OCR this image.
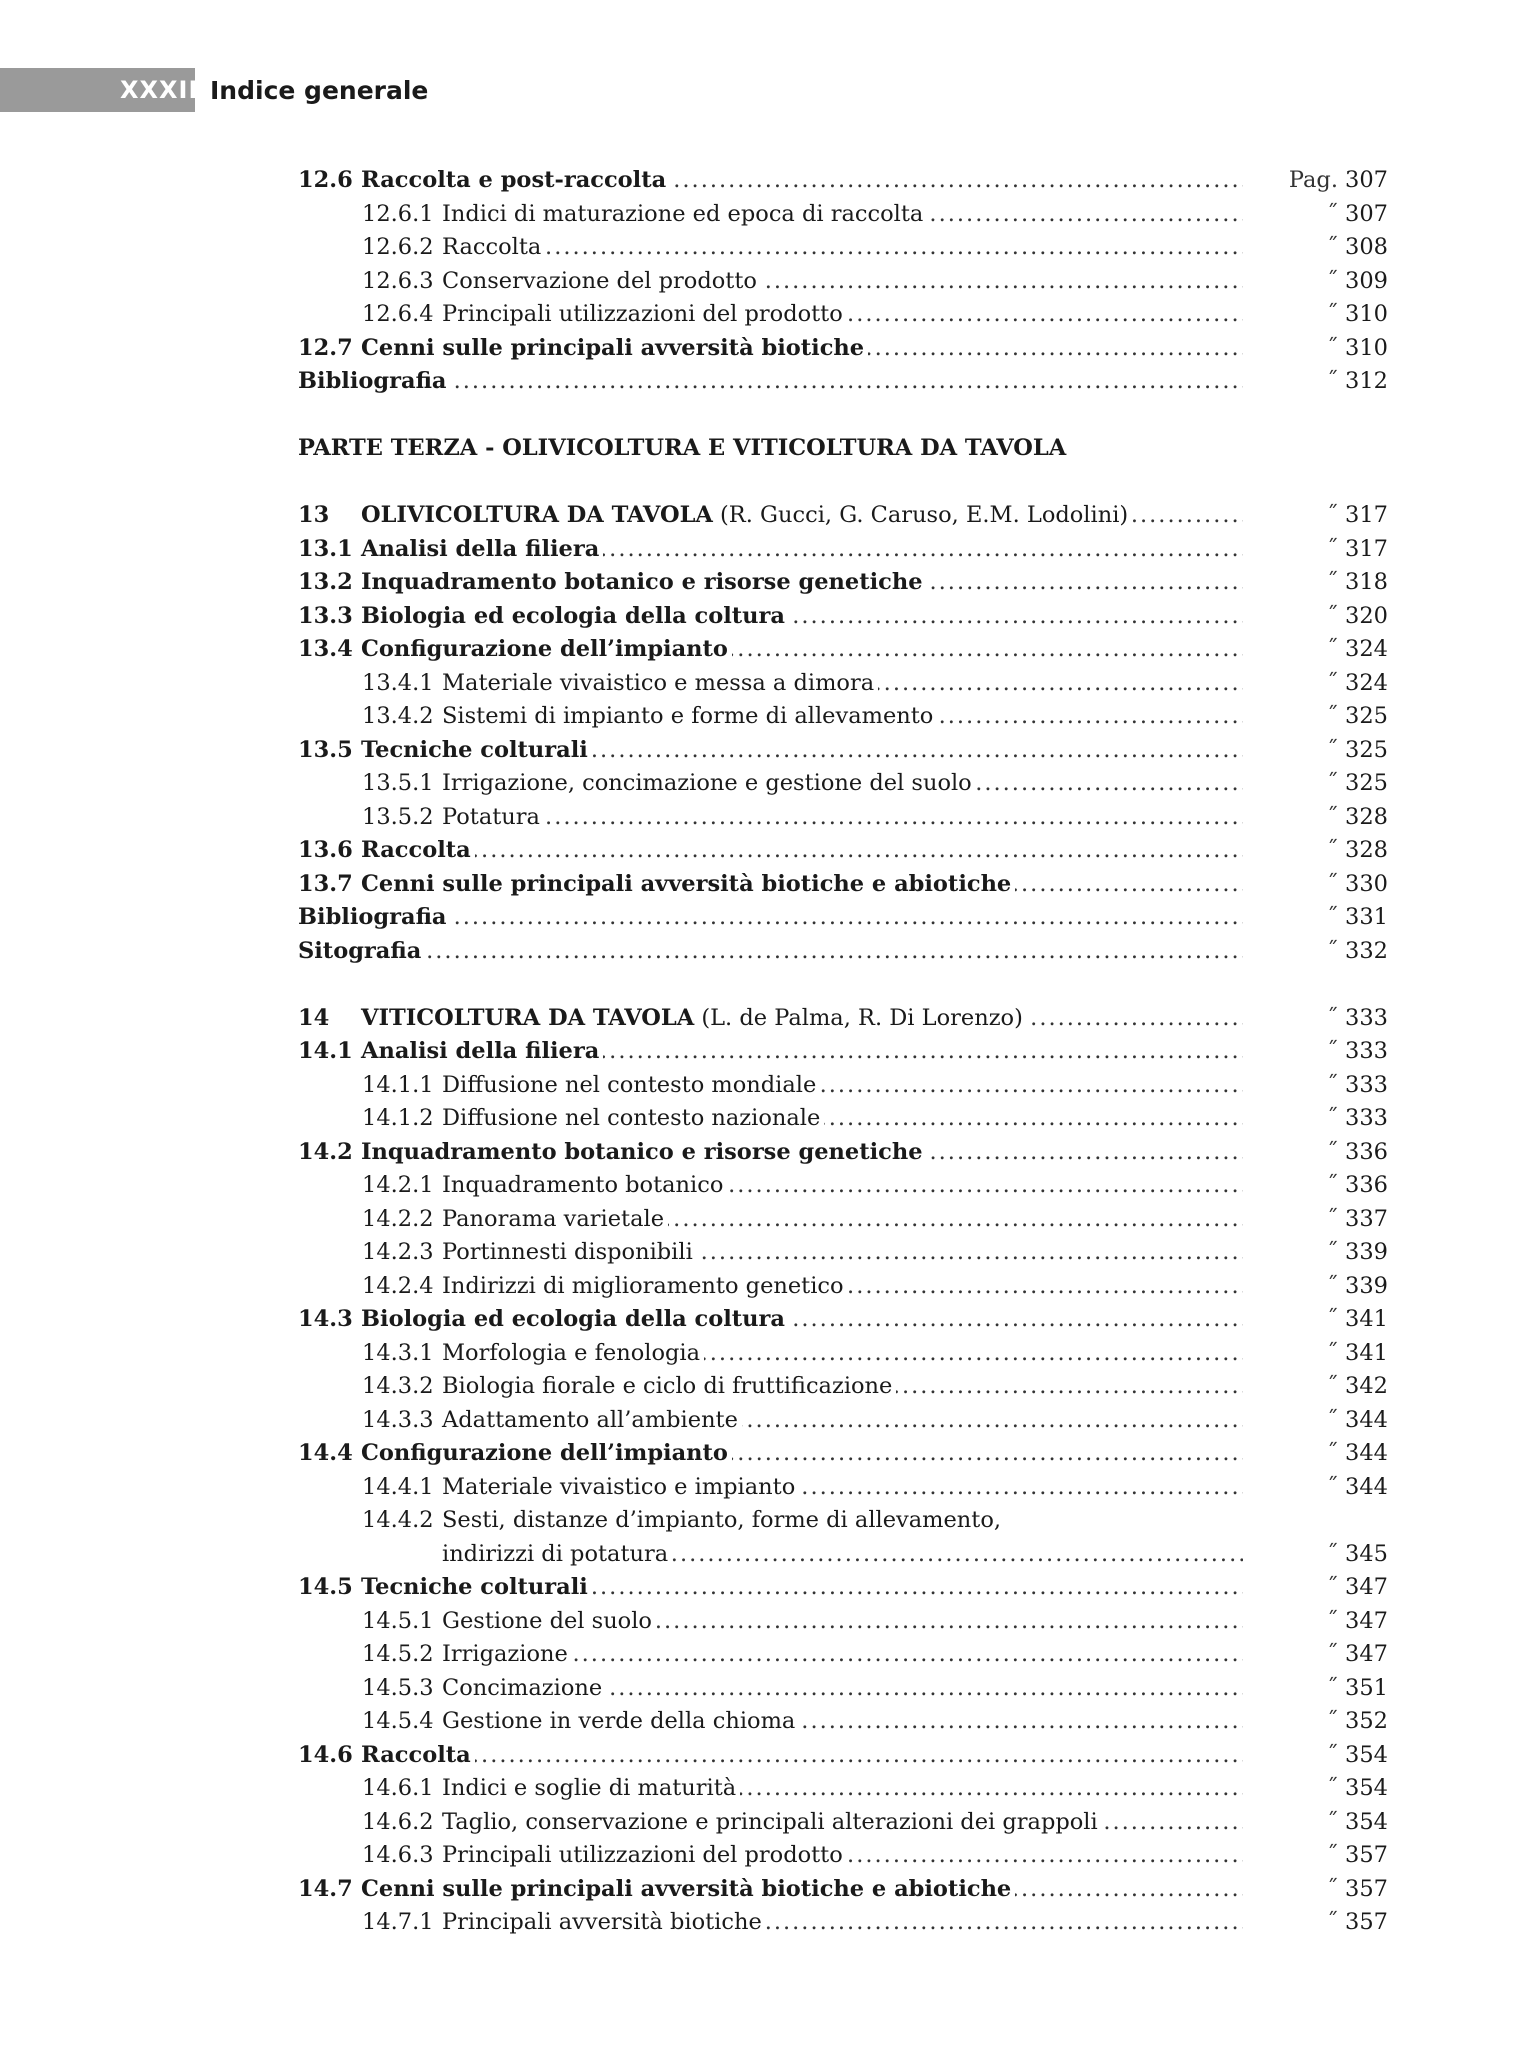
XXXII Indice generale
12.6 Raccolta e post-raccolta .....	Pag. 307
12.6.1 Indici di maturazione ed epoca di raccolta .....	˝ 307
12.6.2 Raccolta .....	˝ 308
12.6.3 Conservazione del prodotto .....	˝ 309
12.6.4 Principali utilizzazioni del prodotto .....	˝ 310
12.7 Cenni sulle principali avversità biotiche .....	˝ 310
Bibliografia .....	˝ 312
PARTE TERZA - OLIVICOLTURA E VITICOLTURA DA TAVOLA
13 OLIVICOLTURA DA TAVOLA (R. Gucci, G. Caruso, E.M. Lodolini) .....	˝ 317
13.1 Analisi della filiera .....	˝ 317
13.2 Inquadramento botanico e risorse genetiche .....	˝ 318
13.3 Biologia ed ecologia della coltura .....	˝ 320
13.4 Configurazione dell’impianto .....	˝ 324
13.4.1 Materiale vivaistico e messa a dimora .....	˝ 324
13.4.2 Sistemi di impianto e forme di allevamento .....	˝ 325
13.5 Tecniche colturali .....	˝ 325
13.5.1 Irrigazione, concimazione e gestione del suolo .....	˝ 325
13.5.2 Potatura .....	˝ 328
13.6 Raccolta .....	˝ 328
13.7 Cenni sulle principali avversità biotiche e abiotiche .....	˝ 330
Bibliografia .....	˝ 331
Sitografia .....	˝ 332
14 VITICOLTURA DA TAVOLA (L. de Palma, R. Di Lorenzo) .....	˝ 333
14.1 Analisi della filiera .....	˝ 333
14.1.1 Diffusione nel contesto mondiale .....	˝ 333
14.1.2 Diffusione nel contesto nazionale .....	˝ 333
14.2 Inquadramento botanico e risorse genetiche .....	˝ 336
14.2.1 Inquadramento botanico .....	˝ 336
14.2.2 Panorama varietale .....	˝ 337
14.2.3 Portinnesti disponibili .....	˝ 339
14.2.4 Indirizzi di miglioramento genetico .....	˝ 339
14.3 Biologia ed ecologia della coltura .....	˝ 341
14.3.1 Morfologia e fenologia .....	˝ 341
14.3.2 Biologia fiorale e ciclo di fruttificazione .....	˝ 342
14.3.3 Adattamento all’ambiente .....	˝ 344
14.4 Configurazione dell’impianto .....	˝ 344
14.4.1 Materiale vivaistico e impianto .....	˝ 344
14.4.2 Sesti, distanze d’impianto, forme di allevamento,
indirizzi di potatura .....	˝ 345
14.5 Tecniche colturali .....	˝ 347
14.5.1 Gestione del suolo .....	˝ 347
14.5.2 Irrigazione .....	˝ 347
14.5.3 Concimazione .....	˝ 351
14.5.4 Gestione in verde della chioma .....	˝ 352
14.6 Raccolta .....	˝ 354
14.6.1 Indici e soglie di maturità .....	˝ 354
14.6.2 Taglio, conservazione e principali alterazioni dei grappoli .....	˝ 354
14.6.3 Principali utilizzazioni del prodotto .....	˝ 357
14.7 Cenni sulle principali avversità biotiche e abiotiche .....	˝ 357
14.7.1 Principali avversità biotiche .....	˝ 357
